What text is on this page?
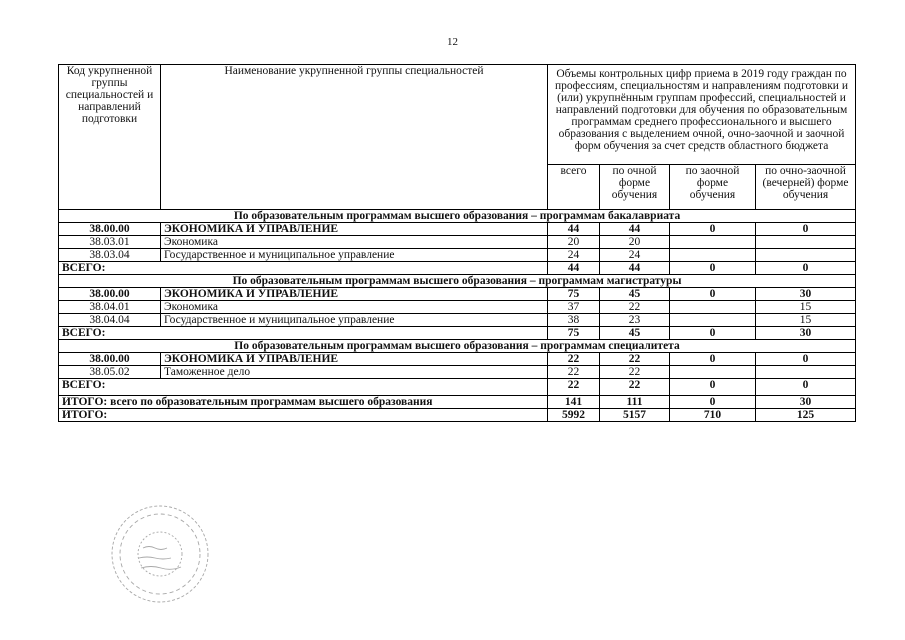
12
Код укрупненной группы специальностей и направлений подготовки	Наименование укрупненной группы специальностей	Объемы контрольных цифр приема в 2019 году граждан по профессиям, специальностям и направлениям подготовки и (или) укрупнённым группам профессий, специальностей и направлений подготовки для обучения по образовательным программам среднего профессионального и высшего образования с выделением очной, очно-заочной и заочной форм обучения за счет средств областного бюджета			
		всего	по очной форме обучения	по заочной форме обучения	по очно-заочной (вечерней) форме обучения
По образовательным программам высшего образования – программам бакалавриата					
38.00.00	ЭКОНОМИКА И УПРАВЛЕНИЕ	44	44	0	0
38.03.01	Экономика	20	20		
38.03.04	Государственное и муниципальное управление	24	24		
ВСЕГО:		44	44	0	0
По образовательным программам высшего образования – программам магистратуры					
38.00.00	ЭКОНОМИКА И УПРАВЛЕНИЕ	75	45	0	30
38.04.01	Экономика	37	22		15
38.04.04	Государственное и муниципальное управление	38	23		15
ВСЕГО:		75	45	0	30
По образовательным программам высшего образования – программам специалитета					
38.00.00	ЭКОНОМИКА И УПРАВЛЕНИЕ	22	22	0	0
38.05.02	Таможенное дело	22	22		
ВСЕГО:		22	22	0	0
ИТОГО: всего по образовательным программам высшего образования		141	111	0	30
ИТОГО:		5992	5157	710	125
